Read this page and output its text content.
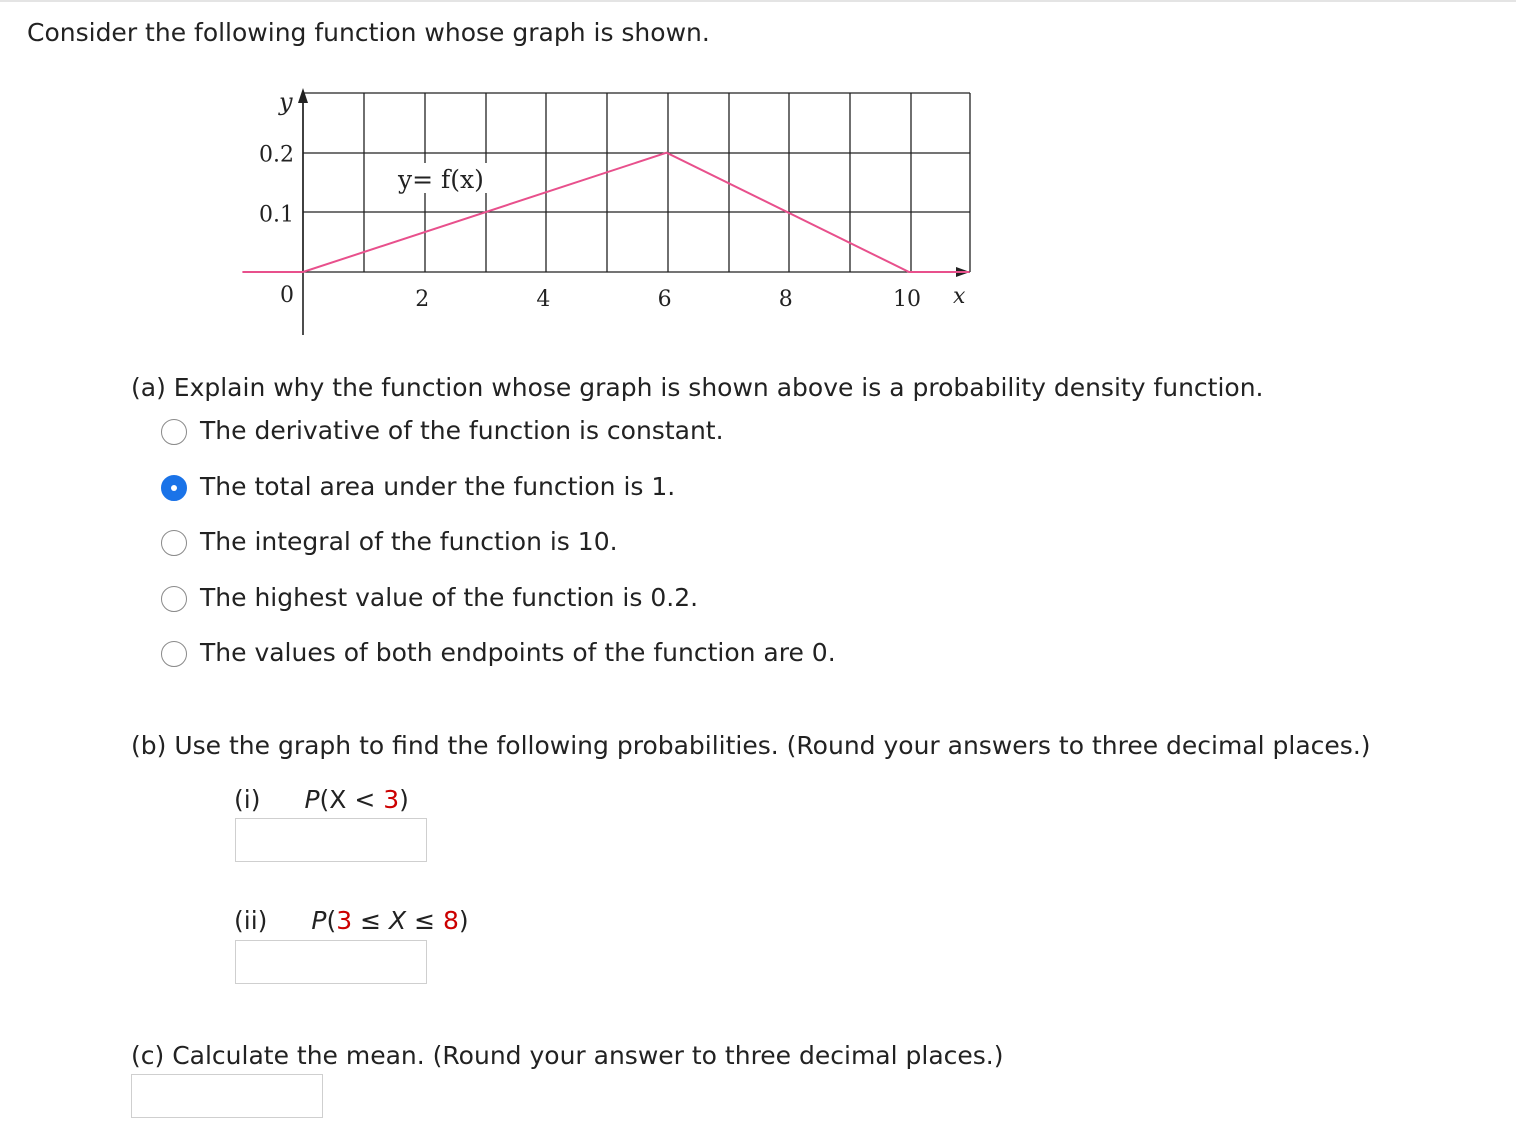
Consider the following function whose graph is shown.
y
x
y= f(x)
0.2
0.1
0	2	4	6	8	10
(a) Explain why the function whose graph is shown above is a probability density function.
The derivative of the function is constant.
The total area under the function is 1.
The integral of the function is 10.
The highest value of the function is 0.2.
The values of both endpoints of the function are 0.
(b) Use the graph to find the following probabilities. (Round your answers to three decimal places.)
(i) P(X < 3)
(ii) P(3 ≤ X ≤ 8)
(c) Calculate the mean. (Round your answer to three decimal places.)
